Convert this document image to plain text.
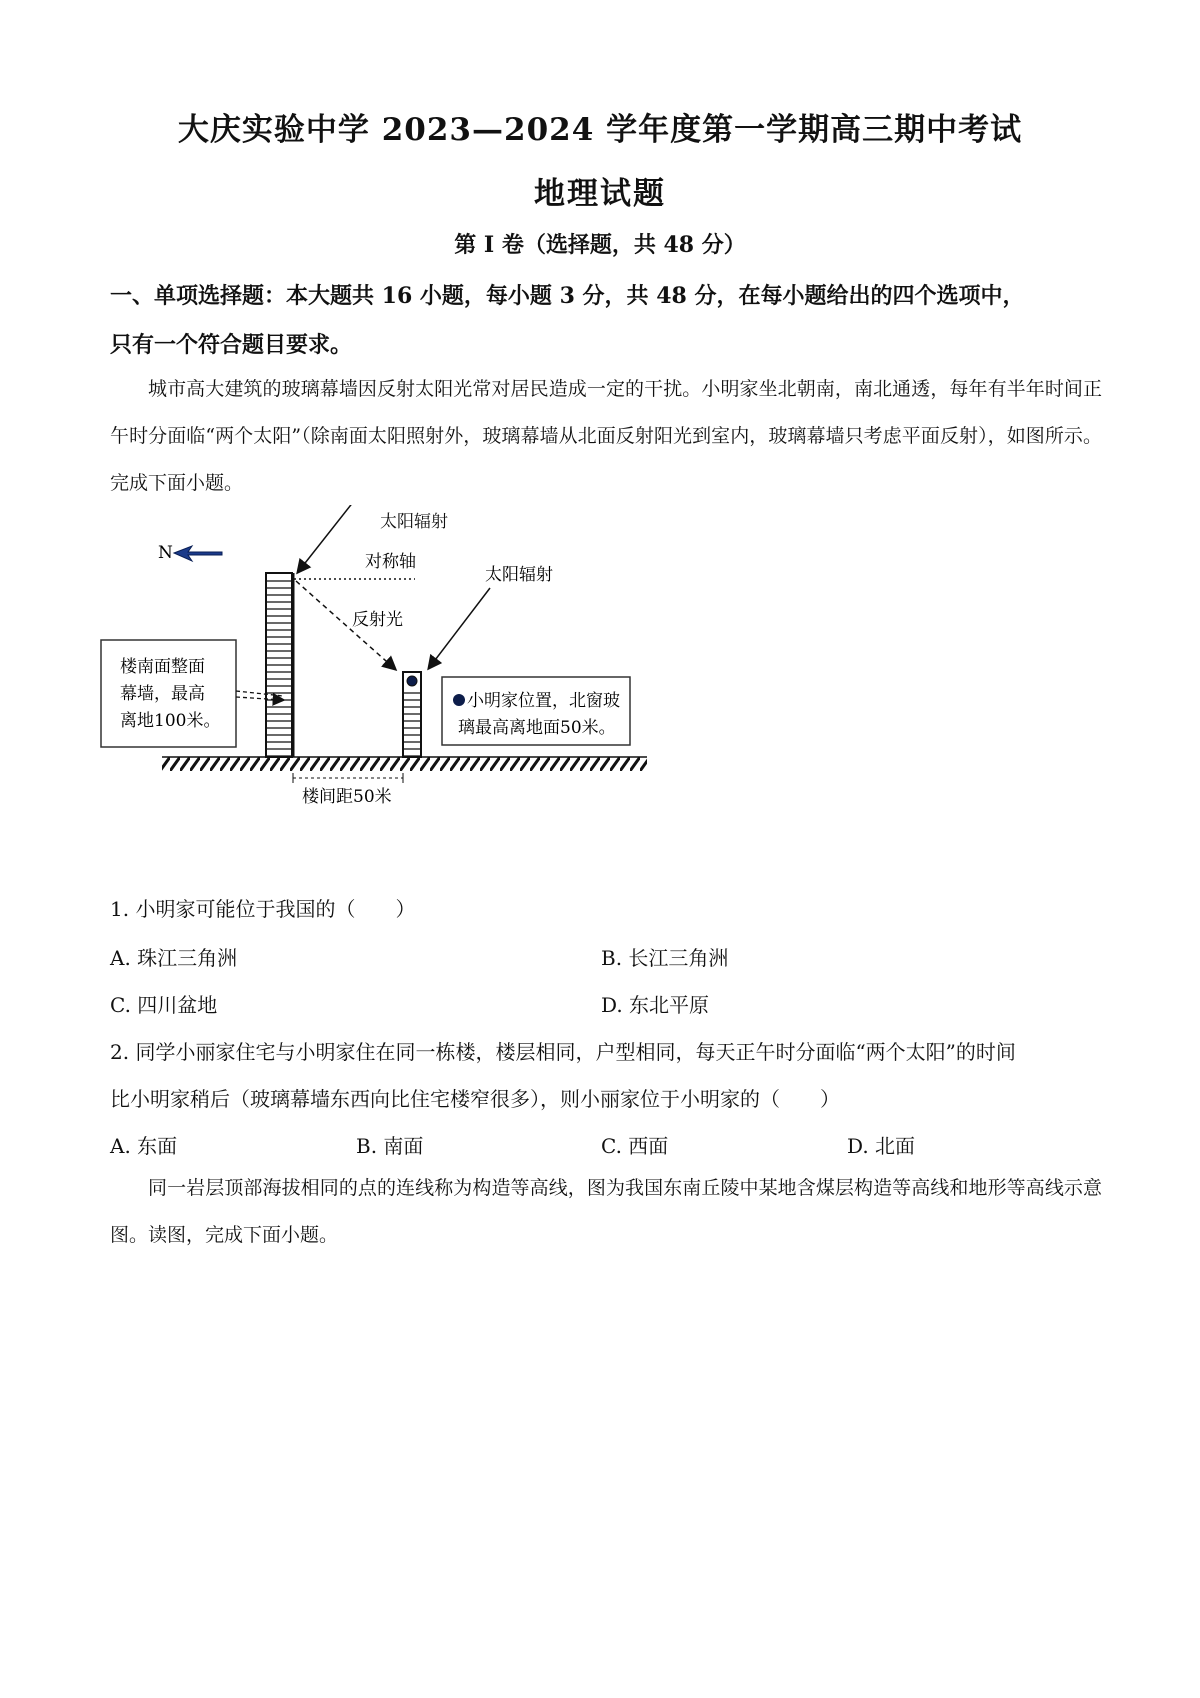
大庆实验中学 2023—2024 学年度第一学期高三期中考试
地理试题
第 I 卷（选择题，共 48 分）
一、单项选择题：本大题共 16 小题，每小题 3 分，共 48 分，在每小题给出的四个选项中，
只有一个符合题目要求。
城市高大建筑的玻璃幕墙因反射太阳光常对居民造成一定的干扰。小明家坐北朝南，南北通透，每年有半年时间正午时分面临“两个太阳”（除南面太阳照射外，玻璃幕墙从北面反射阳光到室内，玻璃幕墙只考虑平面反射），如图所示。完成下面小题。
N	对称轴
反射光
太阳辐射
楼南面整面
幕墙，最高
离地100米。
小明家位置，北窗玻
璃最高离地面50米。
楼间距50米
太阳辐射
1. 小明家可能位于我国的（　　）
A. 珠江三角洲	B. 长江三角洲
C. 四川盆地	D. 东北平原
2. 同学小丽家住宅与小明家住在同一栋楼，楼层相同，户型相同，每天正午时分面临“两个太阳”的时间
比小明家稍后（玻璃幕墙东西向比住宅楼窄很多），则小丽家位于小明家的（　　）
A. 东面	B. 南面	C. 西面	D. 北面
同一岩层顶部海拔相同的点的连线称为构造等高线，图为我国东南丘陵中某地含煤层构造等高线和地形等高线示意图。读图，完成下面小题。
